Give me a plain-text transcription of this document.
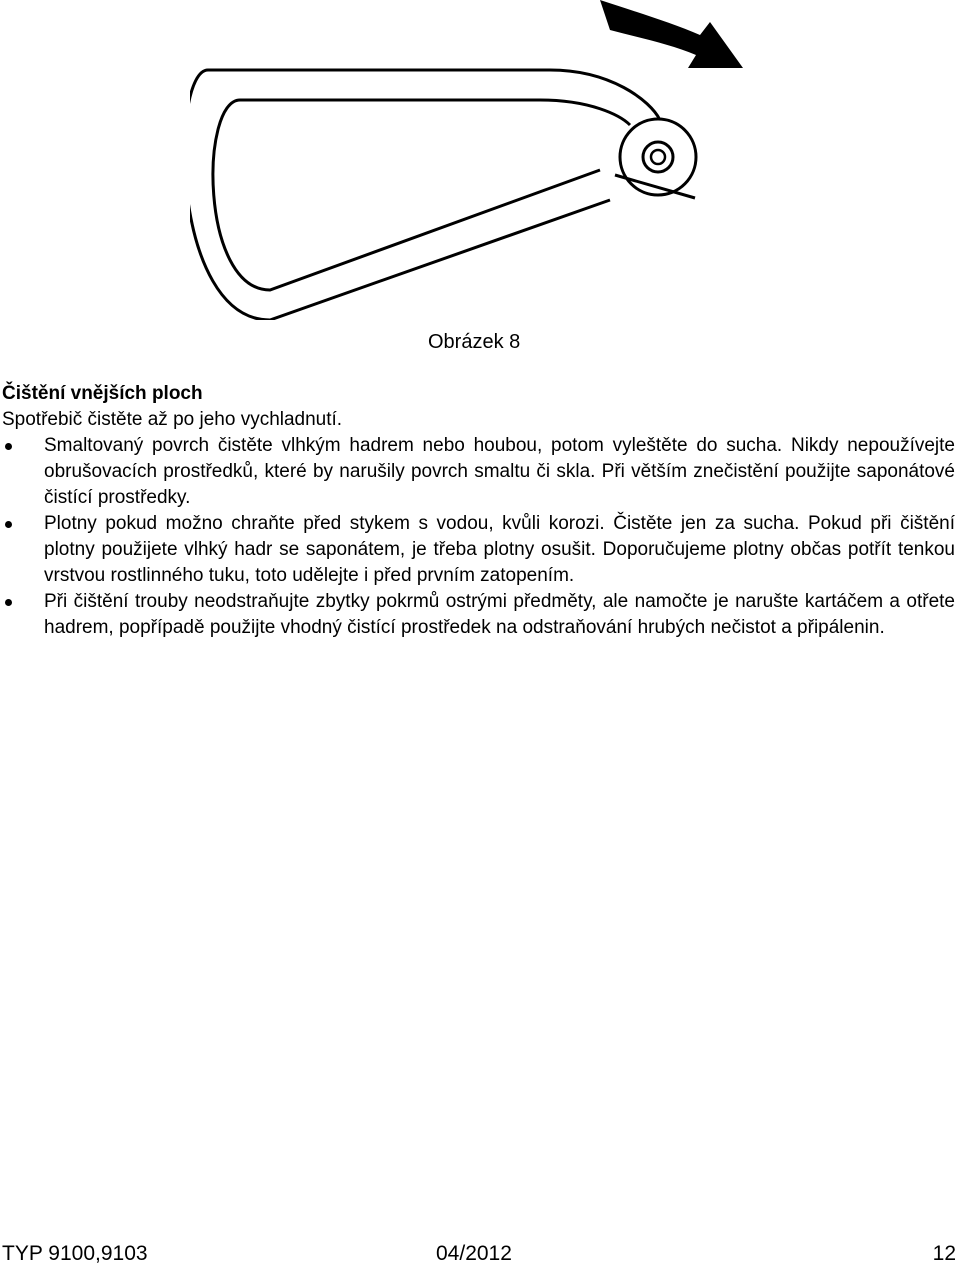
Obrázek 8

Čištění vnějších ploch

Spotřebič čistěte až po jeho vychladnutí.

Smaltovaný povrch čistěte vlhkým hadrem nebo houbou, potom vyleštěte do sucha. Nikdy nepoužívejte obrušovacích prostředků, které by narušily povrch smaltu či skla. Při větším znečistění použijte saponátové čistící prostředky.
Plotny pokud možno chraňte před stykem s vodou, kvůli korozi. Čistěte jen za sucha. Pokud při čištění plotny použijete vlhký hadr se saponátem, je třeba plotny osušit. Doporučujeme plotny občas potřít tenkou vrstvou rostlinného tuku, toto udělejte i před prvním zatopením.
Při čištění trouby neodstraňujte zbytky pokrmů ostrými předměty, ale namočte je narušte kartáčem a otřete hadrem, popřípadě použijte vhodný čistící prostředek na odstraňování hrubých nečistot a připálenin.
TYP 9100,9103	04/2012	12
